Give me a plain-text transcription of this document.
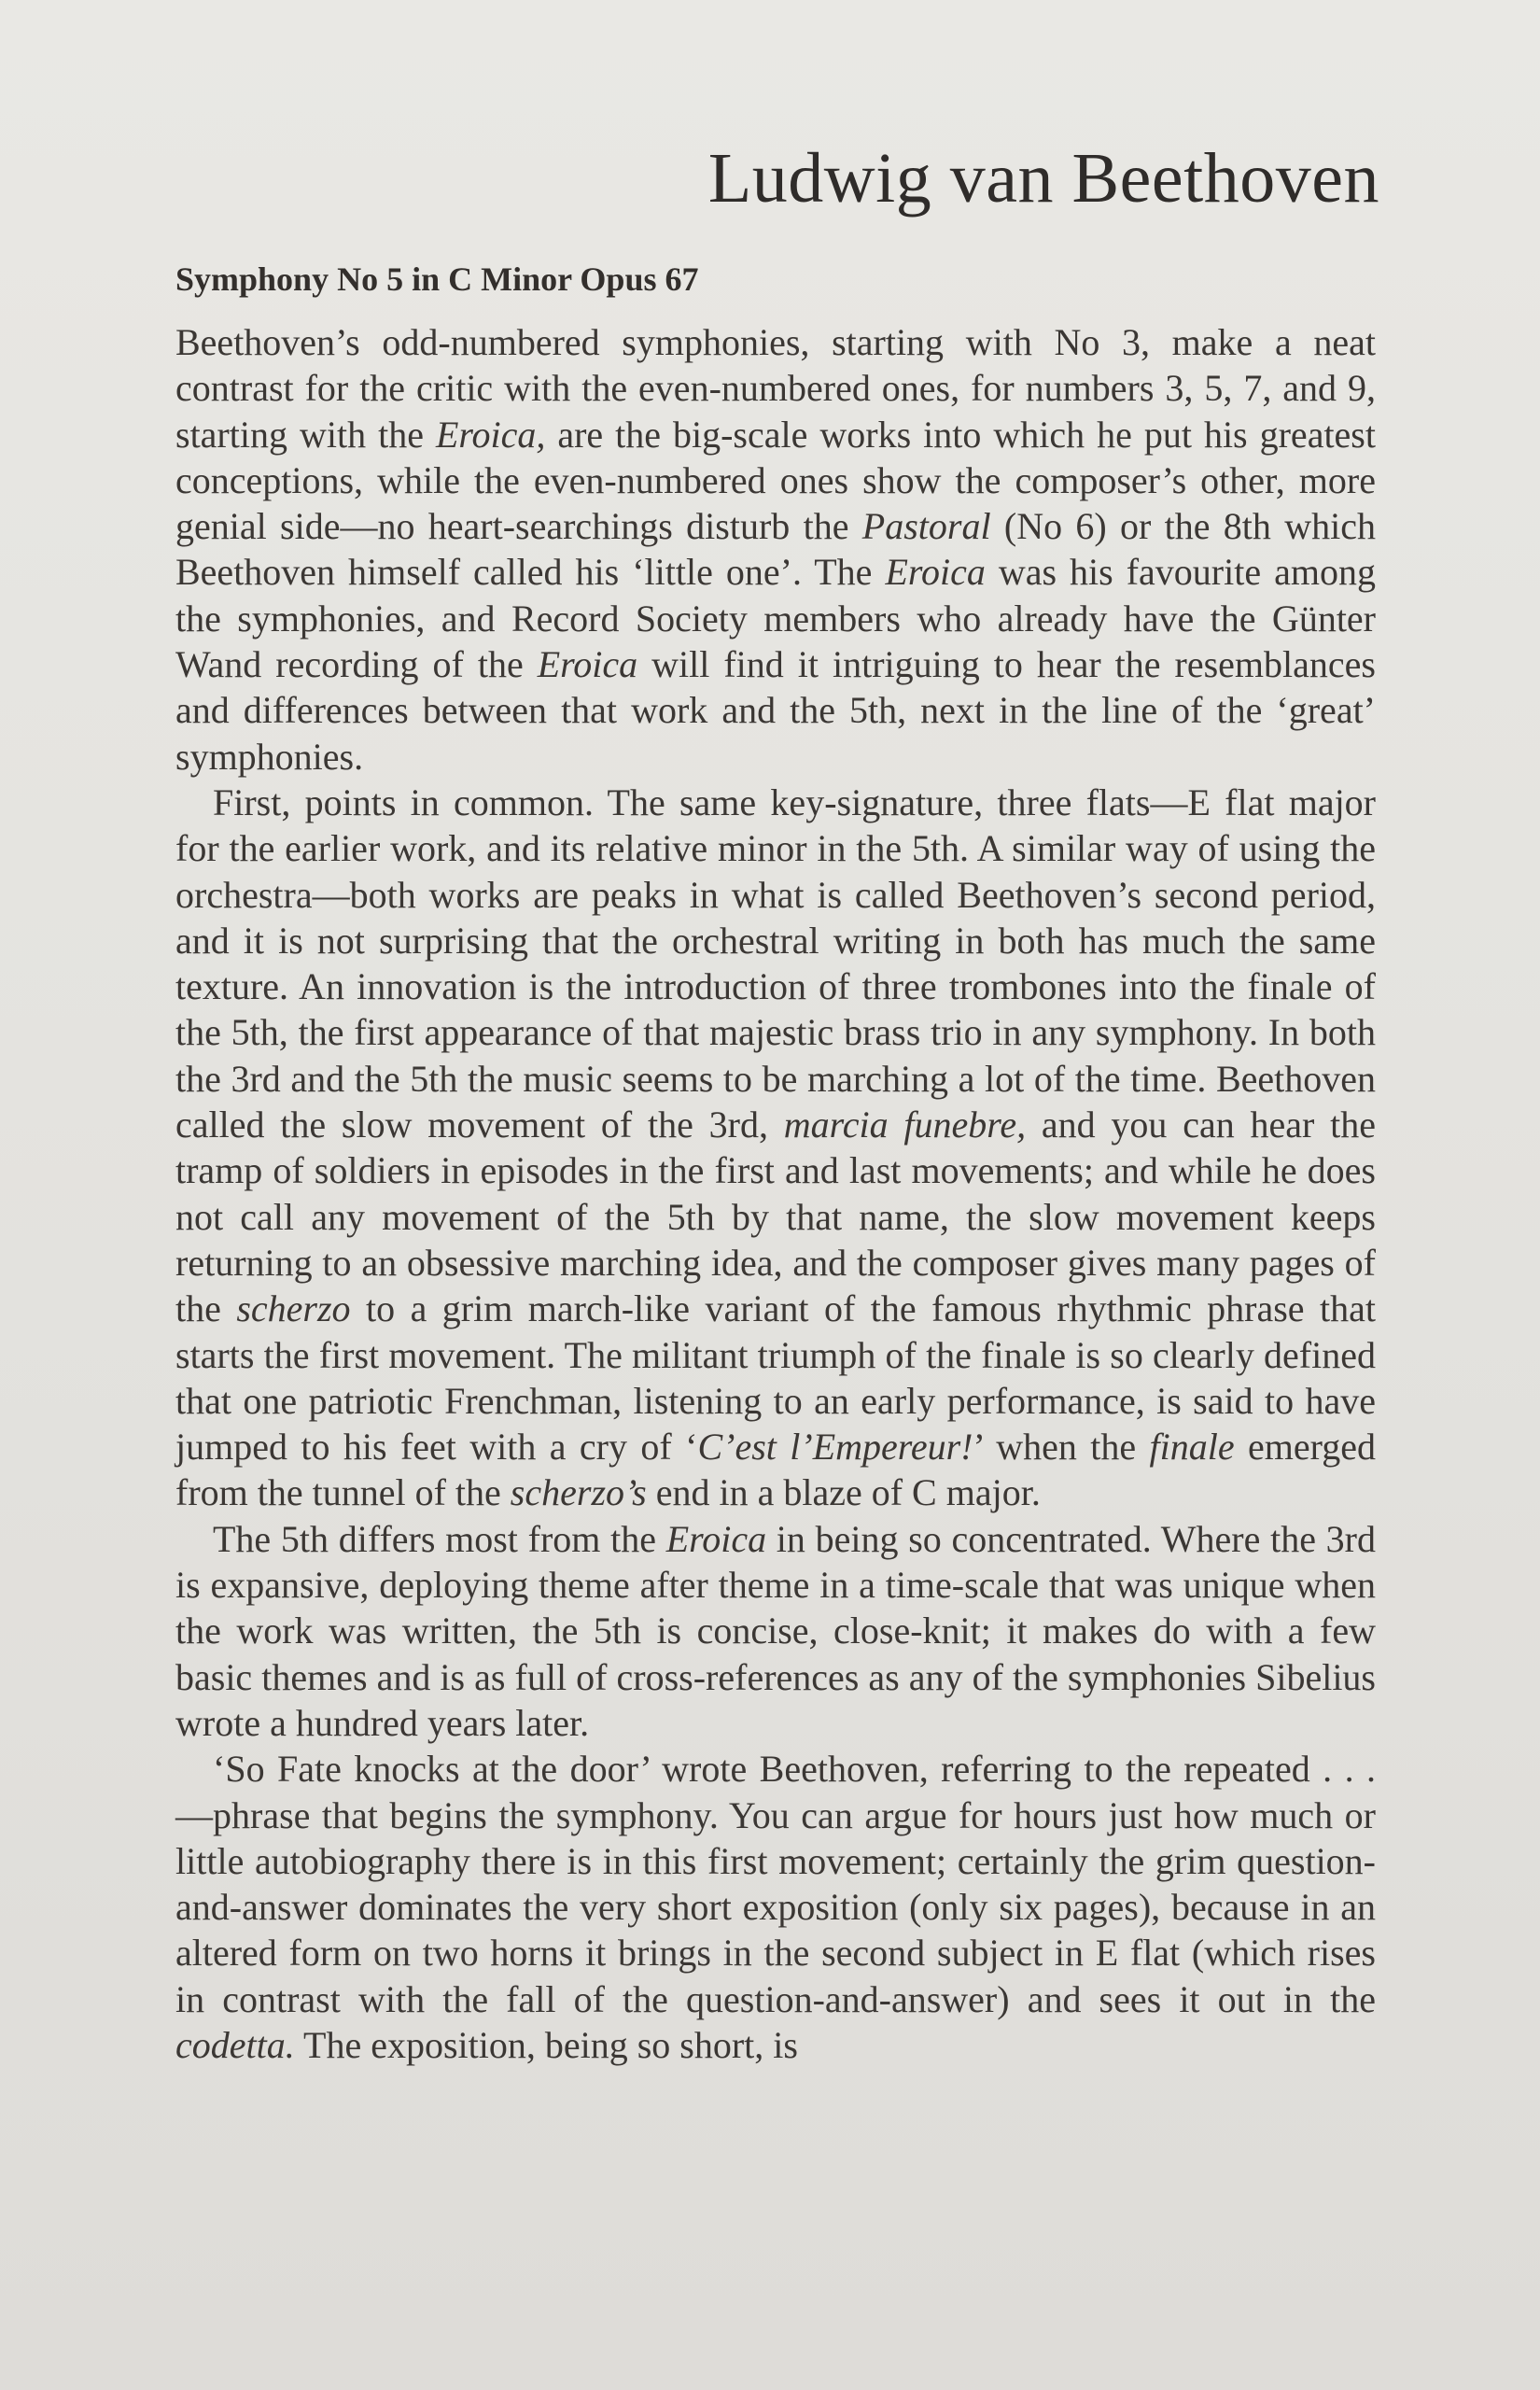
Ludwig van Beethoven
Symphony No 5 in C Minor Opus 67

Beethoven’s odd-numbered symphonies, starting with No 3, make a neat contrast for the critic with the even-numbered ones, for numbers 3, 5, 7, and 9, starting with the Eroica, are the big-scale works into which he put his greatest conceptions, while the even-numbered ones show the composer’s other, more genial side—no heart-searchings disturb the Pastoral (No 6) or the 8th which Beethoven himself called his ‘little one’. The Eroica was his favourite among the symphonies, and Record Society members who already have the Günter Wand recording of the Eroica will find it intriguing to hear the resemblances and differences between that work and the 5th, next in the line of the ‘great’ symphonies.

First, points in common. The same key-signature, three flats—E flat major for the earlier work, and its relative minor in the 5th. A similar way of using the orchestra—both works are peaks in what is called Beethoven’s second period, and it is not surprising that the orchestral writing in both has much the same texture. An innovation is the introduction of three trombones into the finale of the 5th, the first appearance of that majestic brass trio in any symphony. In both the 3rd and the 5th the music seems to be marching a lot of the time. Beethoven called the slow movement of the 3rd, marcia funebre, and you can hear the tramp of soldiers in episodes in the first and last movements; and while he does not call any movement of the 5th by that name, the slow movement keeps returning to an obsessive marching idea, and the composer gives many pages of the scherzo to a grim march-like variant of the famous rhythmic phrase that starts the first movement. The militant triumph of the finale is so clearly defined that one patriotic Frenchman, listening to an early performance, is said to have jumped to his feet with a cry of ‘C’est l’Empereur!’ when the finale emerged from the tunnel of the scherzo’s end in a blaze of C major.

The 5th differs most from the Eroica in being so concentrated. Where the 3rd is expansive, deploying theme after theme in a time-scale that was unique when the work was written, the 5th is concise, close-knit; it makes do with a few basic themes and is as full of cross-references as any of the symphonies Sibelius wrote a hundred years later.

‘So Fate knocks at the door’ wrote Beethoven, referring to the repeated . . . —phrase that begins the symphony. You can argue for hours just how much or little autobiography there is in this first movement; certainly the grim question-and-answer dominates the very short exposition (only six pages), because in an altered form on two horns it brings in the second subject in E flat (which rises in contrast with the fall of the question-and-answer) and sees it out in the codetta. The exposition, being so short, is
